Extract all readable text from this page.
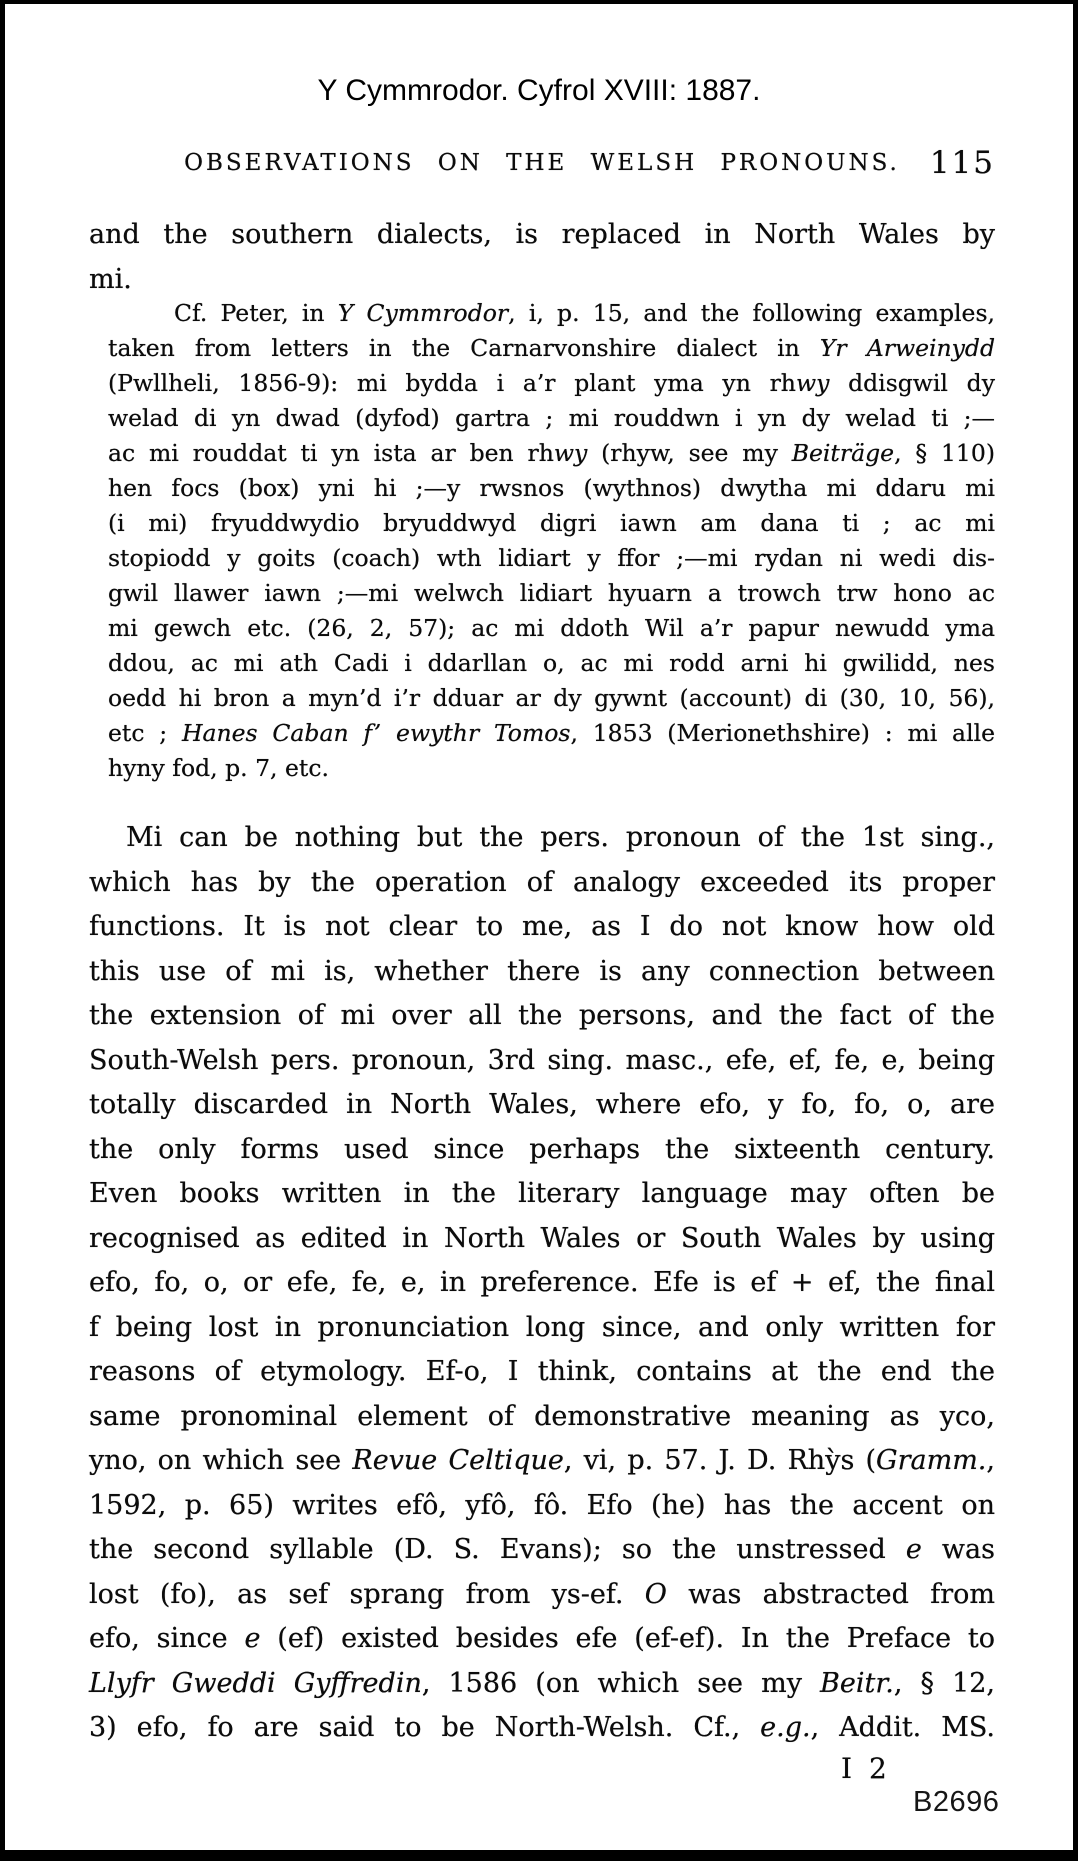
Y Cymmrodor. Cyfrol XVIII: 1887.
OBSERVATIONS ON THE WELSH PRONOUNS. 115
and the southern dialects, is replaced in North Wales by
mi.
Cf. Peter, in Y Cymmrodor, i, p. 15, and the following examples,
taken from letters in the Carnarvonshire dialect in Yr Arweinydd
(Pwllheli, 1856-9): mi bydda i a’r plant yma yn rhwy ddisgwil dy
welad di yn dwad (dyfod) gartra ; mi rouddwn i yn dy welad ti ;—
ac mi rouddat ti yn ista ar ben rhwy (rhyw, see my Beiträge, § 110)
hen focs (box) yni hi ;—y rwsnos (wythnos) dwytha mi ddaru mi
(i mi) fryuddwydio bryuddwyd digri iawn am dana ti ; ac mi
stopiodd y goits (coach) wth lidiart y ffor ;—mi rydan ni wedi dis-
gwil llawer iawn ;—mi welwch lidiart hyuarn a trowch trw hono ac
mi gewch etc. (26, 2, 57); ac mi ddoth Wil a’r papur newudd yma
ddou, ac mi ath Cadi i ddarllan o, ac mi rodd arni hi gwilidd, nes
oedd hi bron a myn’d i’r dduar ar dy gywnt (account) di (30, 10, 56),
etc ; Hanes Caban f’ ewythr Tomos, 1853 (Merionethshire) : mi alle
hyny fod, p. 7, etc.
Mi can be nothing but the pers. pronoun of the 1st sing.,
which has by the operation of analogy exceeded its proper
functions. It is not clear to me, as I do not know how old
this use of mi is, whether there is any connection between
the extension of mi over all the persons, and the fact of the
South-Welsh pers. pronoun, 3rd sing. masc., efe, ef, fe, e, being
totally discarded in North Wales, where efo, y fo, fo, o, are
the only forms used since perhaps the sixteenth century.
Even books written in the literary language may often be
recognised as edited in North Wales or South Wales by using
efo, fo, o, or efe, fe, e, in preference. Efe is ef + ef, the final
f being lost in pronunciation long since, and only written for
reasons of etymology. Ef-o, I think, contains at the end the
same pronominal element of demonstrative meaning as yco,
yno, on which see Revue Celtique, vi, p. 57. J. D. Rhỳs (Gramm.,
1592, p. 65) writes efô, yfô, fô. Efo (he) has the accent on
the second syllable (D. S. Evans); so the unstressed e was
lost (fo), as sef sprang from ys-ef. O was abstracted from
efo, since e (ef) existed besides efe (ef-ef). In the Preface to
Llyfr Gweddi Gyffredin, 1586 (on which see my Beitr., § 12,
3) efo, fo are said to be North-Welsh. Cf., e.g., Addit. MS.
I 2
B2696
